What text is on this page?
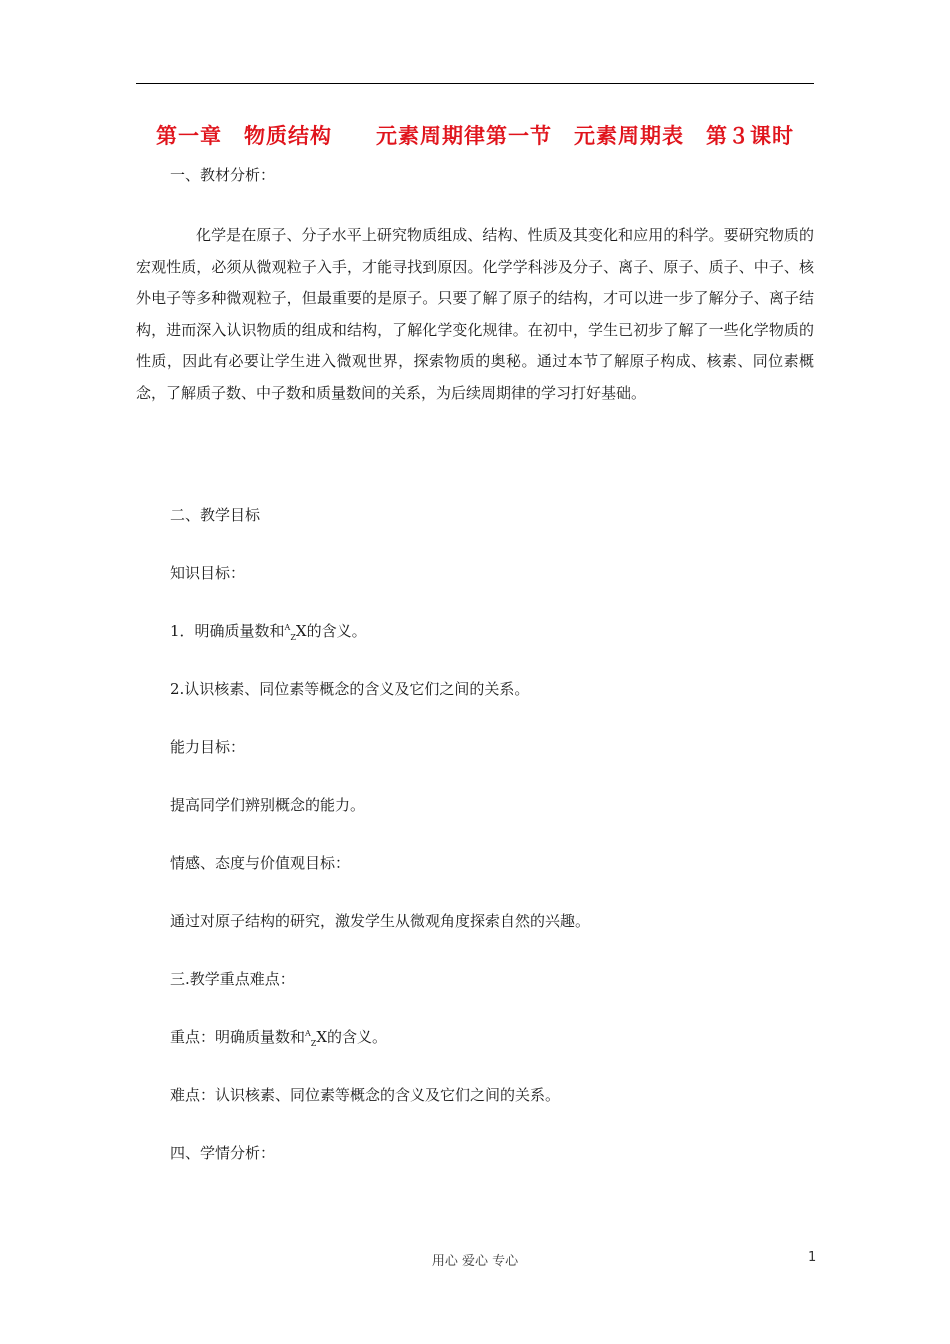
第一章　物质结构　　元素周期律第一节　元素周期表　第３课时
一、教材分析：
化学是在原子、分子水平上研究物质组成、结构、性质及其变化和应用的科学。要研究物质的宏观性质，必须从微观粒子入手，才能寻找到原因。化学学科涉及分子、离子、原子、质子、中子、核外电子等多种微观粒子，但最重要的是原子。只要了解了原子的结构，才可以进一步了解分子、离子结构，进而深入认识物质的组成和结构，了解化学变化规律。在初中，学生已初步了解了一些化学物质的性质，因此有必要让学生进入微观世界，探索物质的奥秘。通过本节了解原子构成、核素、同位素概念，了解质子数、中子数和质量数间的关系，为后续周期律的学习打好基础。
二、教学目标
知识目标：
1．明确质量数和$^A_Z$X的含义。
2.认识核素、同位素等概念的含义及它们之间的关系。
能力目标：
提高同学们辨别概念的能力。
情感、态度与价值观目标：
通过对原子结构的研究，激发学生从微观角度探索自然的兴趣。
三.教学重点难点：
重点：明确质量数和$^A_Z$X的含义。
难点：认识核素、同位素等概念的含义及它们之间的关系。
四、学情分析：
用心 爱心 专心	1
